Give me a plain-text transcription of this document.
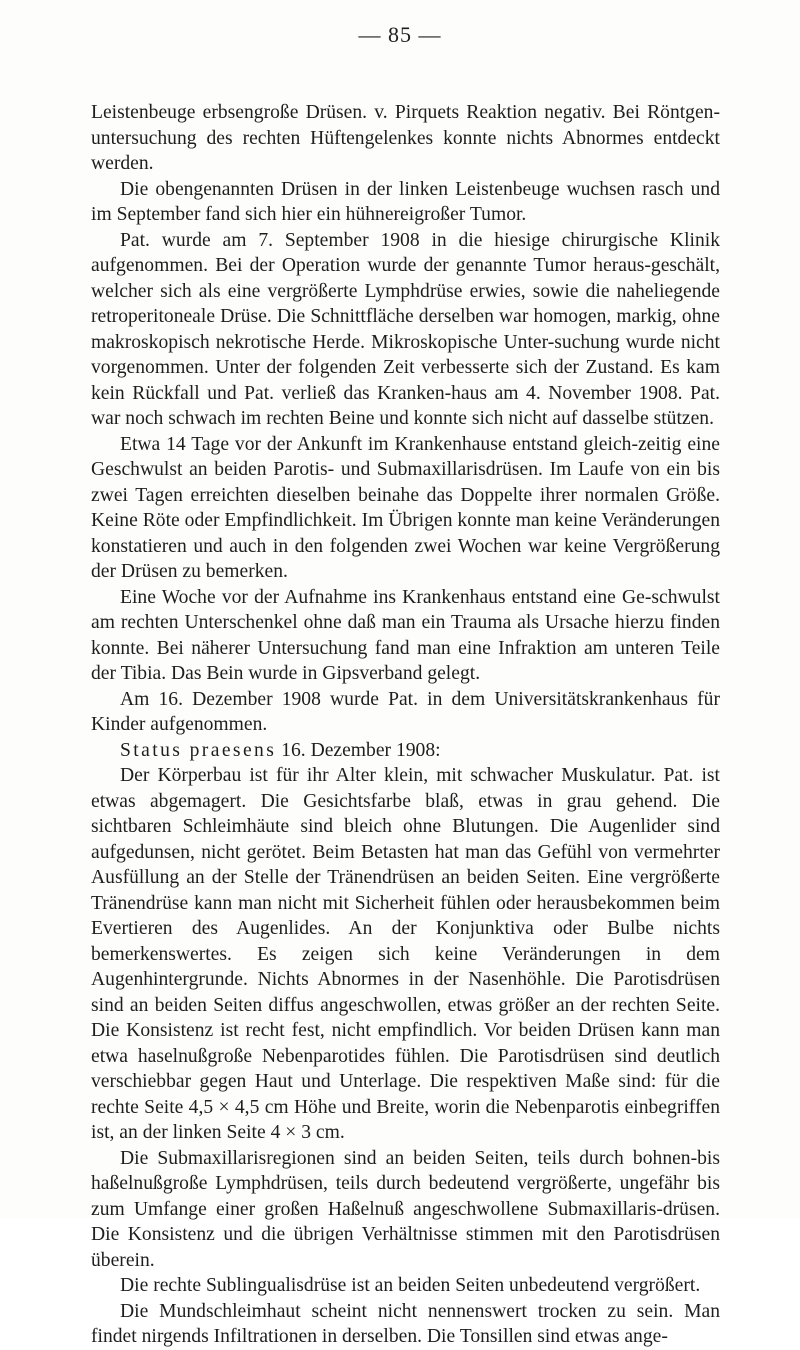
— 85 —

Leistenbeuge erbsengroße Drüsen. v. Pirquets Reaktion negativ. Bei Röntgen-untersuchung des rechten Hüftengelenkes konnte nichts Abnormes entdeckt werden.

Die obengenannten Drüsen in der linken Leistenbeuge wuchsen rasch und im September fand sich hier ein hühnereigroßer Tumor.

Pat. wurde am 7. September 1908 in die hiesige chirurgische Klinik aufgenommen. Bei der Operation wurde der genannte Tumor heraus-geschält, welcher sich als eine vergrößerte Lymphdrüse erwies, sowie die naheliegende retroperitoneale Drüse. Die Schnittfläche derselben war homogen, markig, ohne makroskopisch nekrotische Herde. Mikroskopische Unter-suchung wurde nicht vorgenommen. Unter der folgenden Zeit verbesserte sich der Zustand. Es kam kein Rückfall und Pat. verließ das Kranken-haus am 4. November 1908. Pat. war noch schwach im rechten Beine und konnte sich nicht auf dasselbe stützen.

Etwa 14 Tage vor der Ankunft im Krankenhause entstand gleich-zeitig eine Geschwulst an beiden Parotis- und Submaxillarisdrüsen. Im Laufe von ein bis zwei Tagen erreichten dieselben beinahe das Doppelte ihrer normalen Größe. Keine Röte oder Empfindlichkeit. Im Übrigen konnte man keine Veränderungen konstatieren und auch in den folgenden zwei Wochen war keine Vergrößerung der Drüsen zu bemerken.

Eine Woche vor der Aufnahme ins Krankenhaus entstand eine Ge-schwulst am rechten Unterschenkel ohne daß man ein Trauma als Ursache hierzu finden konnte. Bei näherer Untersuchung fand man eine Infraktion am unteren Teile der Tibia. Das Bein wurde in Gipsverband gelegt.

Am 16. Dezember 1908 wurde Pat. in dem Universitätskrankenhaus für Kinder aufgenommen.

Status praesens 16. Dezember 1908:

Der Körperbau ist für ihr Alter klein, mit schwacher Muskulatur. Pat. ist etwas abgemagert. Die Gesichtsfarbe blaß, etwas in grau gehend. Die sichtbaren Schleimhäute sind bleich ohne Blutungen. Die Augenlider sind aufgedunsen, nicht gerötet. Beim Betasten hat man das Gefühl von vermehrter Ausfüllung an der Stelle der Tränendrüsen an beiden Seiten. Eine vergrößerte Tränendrüse kann man nicht mit Sicherheit fühlen oder herausbekommen beim Evertieren des Augenlides. An der Konjunktiva oder Bulbe nichts bemerkenswertes. Es zeigen sich keine Veränderungen in dem Augenhintergrunde. Nichts Abnormes in der Nasenhöhle. Die Parotisdrüsen sind an beiden Seiten diffus angeschwollen, etwas größer an der rechten Seite. Die Konsistenz ist recht fest, nicht empfindlich. Vor beiden Drüsen kann man etwa haselnußgroße Nebenparotides fühlen. Die Parotisdrüsen sind deutlich verschiebbar gegen Haut und Unterlage. Die respektiven Maße sind: für die rechte Seite 4,5 × 4,5 cm Höhe und Breite, worin die Nebenparotis einbegriffen ist, an der linken Seite 4 × 3 cm.

Die Submaxillarisregionen sind an beiden Seiten, teils durch bohnen-bis haßelnußgroße Lymphdrüsen, teils durch bedeutend vergrößerte, ungefähr bis zum Umfange einer großen Haßelnuß angeschwollene Submaxillaris-drüsen. Die Konsistenz und die übrigen Verhältnisse stimmen mit den Parotisdrüsen überein.

Die rechte Sublingualisdrüse ist an beiden Seiten unbedeutend vergrößert.

Die Mundschleimhaut scheint nicht nennenswert trocken zu sein. Man findet nirgends Infiltrationen in derselben. Die Tonsillen sind etwas ange-
